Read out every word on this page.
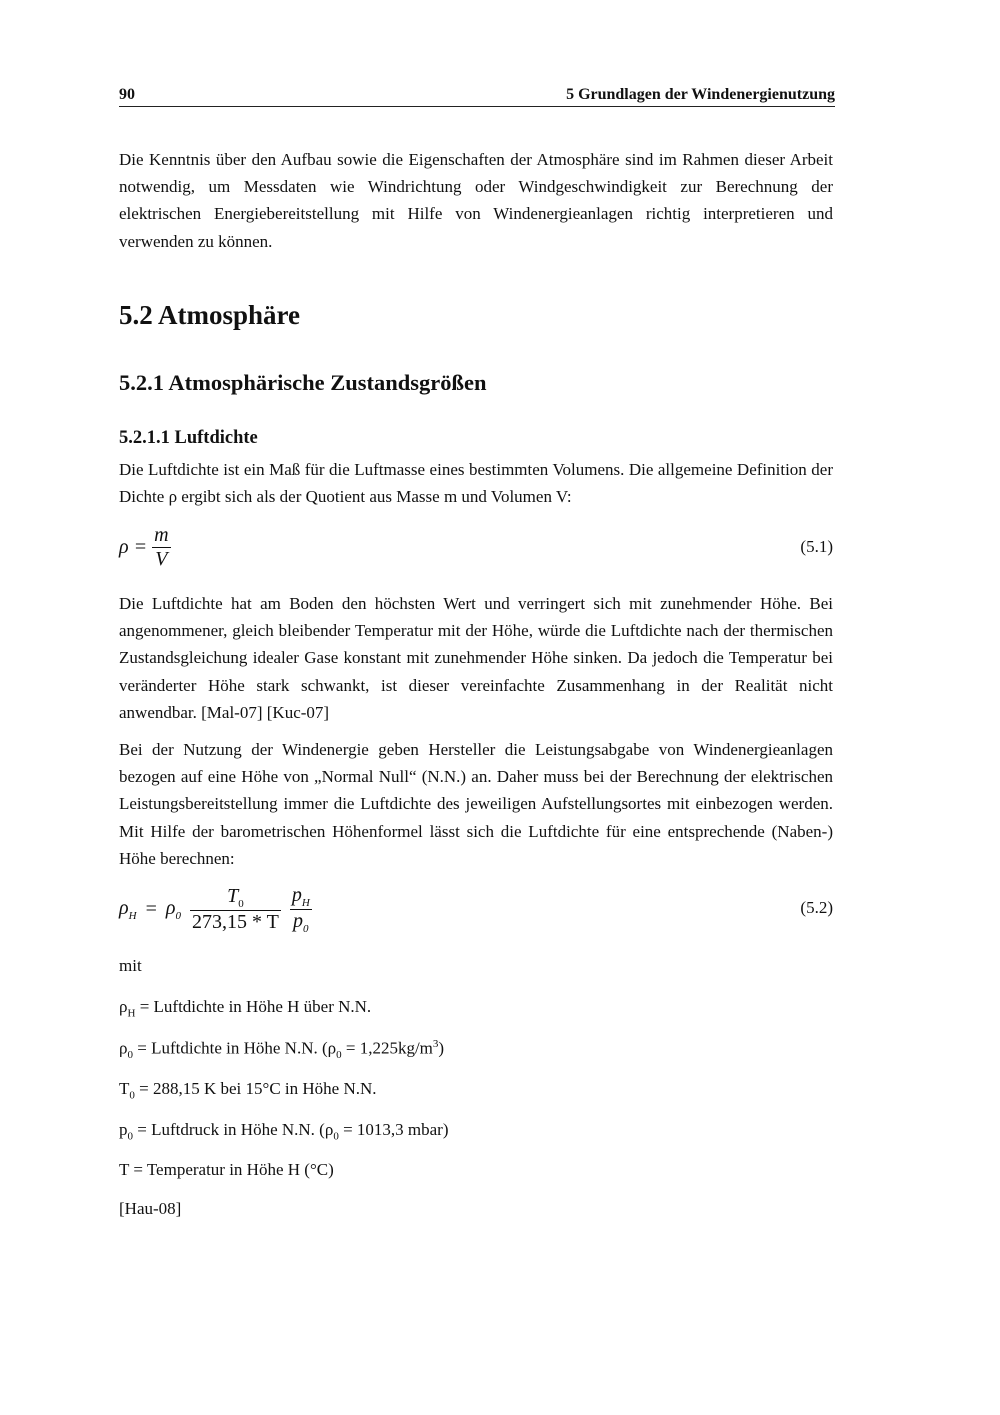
90	5 Grundlagen der Windenergienutzung

Die Kenntnis über den Aufbau sowie die Eigenschaften der Atmosphäre sind im Rahmen dieser Arbeit notwendig, um Messdaten wie Windrichtung oder Windgeschwindigkeit zur Berechnung der elektrischen Energiebereitstellung mit Hilfe von Windenergieanlagen richtig interpretieren und verwenden zu können.

5.2 Atmosphäre
5.2.1 Atmosphärische Zustandsgrößen
5.2.1.1 Luftdichte

Die Luftdichte ist ein Maß für die Luftmasse eines bestimmten Volumens. Die allgemeine Definition der Dichte ρ ergibt sich als der Quotient aus Masse m und Volumen V:

$\rho = \frac{m}{V}$	(5.1)

Die Luftdichte hat am Boden den höchsten Wert und verringert sich mit zunehmender Höhe. Bei angenommener, gleich bleibender Temperatur mit der Höhe, würde die Luftdichte nach der thermischen Zustandsgleichung idealer Gase konstant mit zunehmender Höhe sinken. Da jedoch die Temperatur bei veränderter Höhe stark schwankt, ist dieser vereinfachte Zusammenhang in der Realität nicht anwendbar. [Mal-07] [Kuc-07]

Bei der Nutzung der Windenergie geben Hersteller die Leistungsabgabe von Windenergieanlagen bezogen auf eine Höhe von „Normal Null“ (N.N.) an. Daher muss bei der Berechnung der elektrischen Leistungsbereitstellung immer die Luftdichte des jeweiligen Aufstellungsortes mit einbezogen werden. Mit Hilfe der barometrischen Höhenformel lässt sich die Luftdichte für eine entsprechende (Naben-) Höhe berechnen:

$\rho_H = \rho_0 \frac{T_0}{273,15 * T}$
$\frac{p_H}{p_0}$	(5.2)
mit
$\rho_H$ = Luftdichte in Höhe H über N.N.
$\rho_0$ = Luftdichte in Höhe N.N. $(\rho_0 = 1,225kg/m^3)$
$T_0 = 288,15$ K bei 15°C in Höhe N.N.
$p_0$ = Luftdruck in Höhe N.N. ($\rho_0 = 1013,3$ mbar)
T = Temperatur in Höhe H (°C)
[Hau-08]
